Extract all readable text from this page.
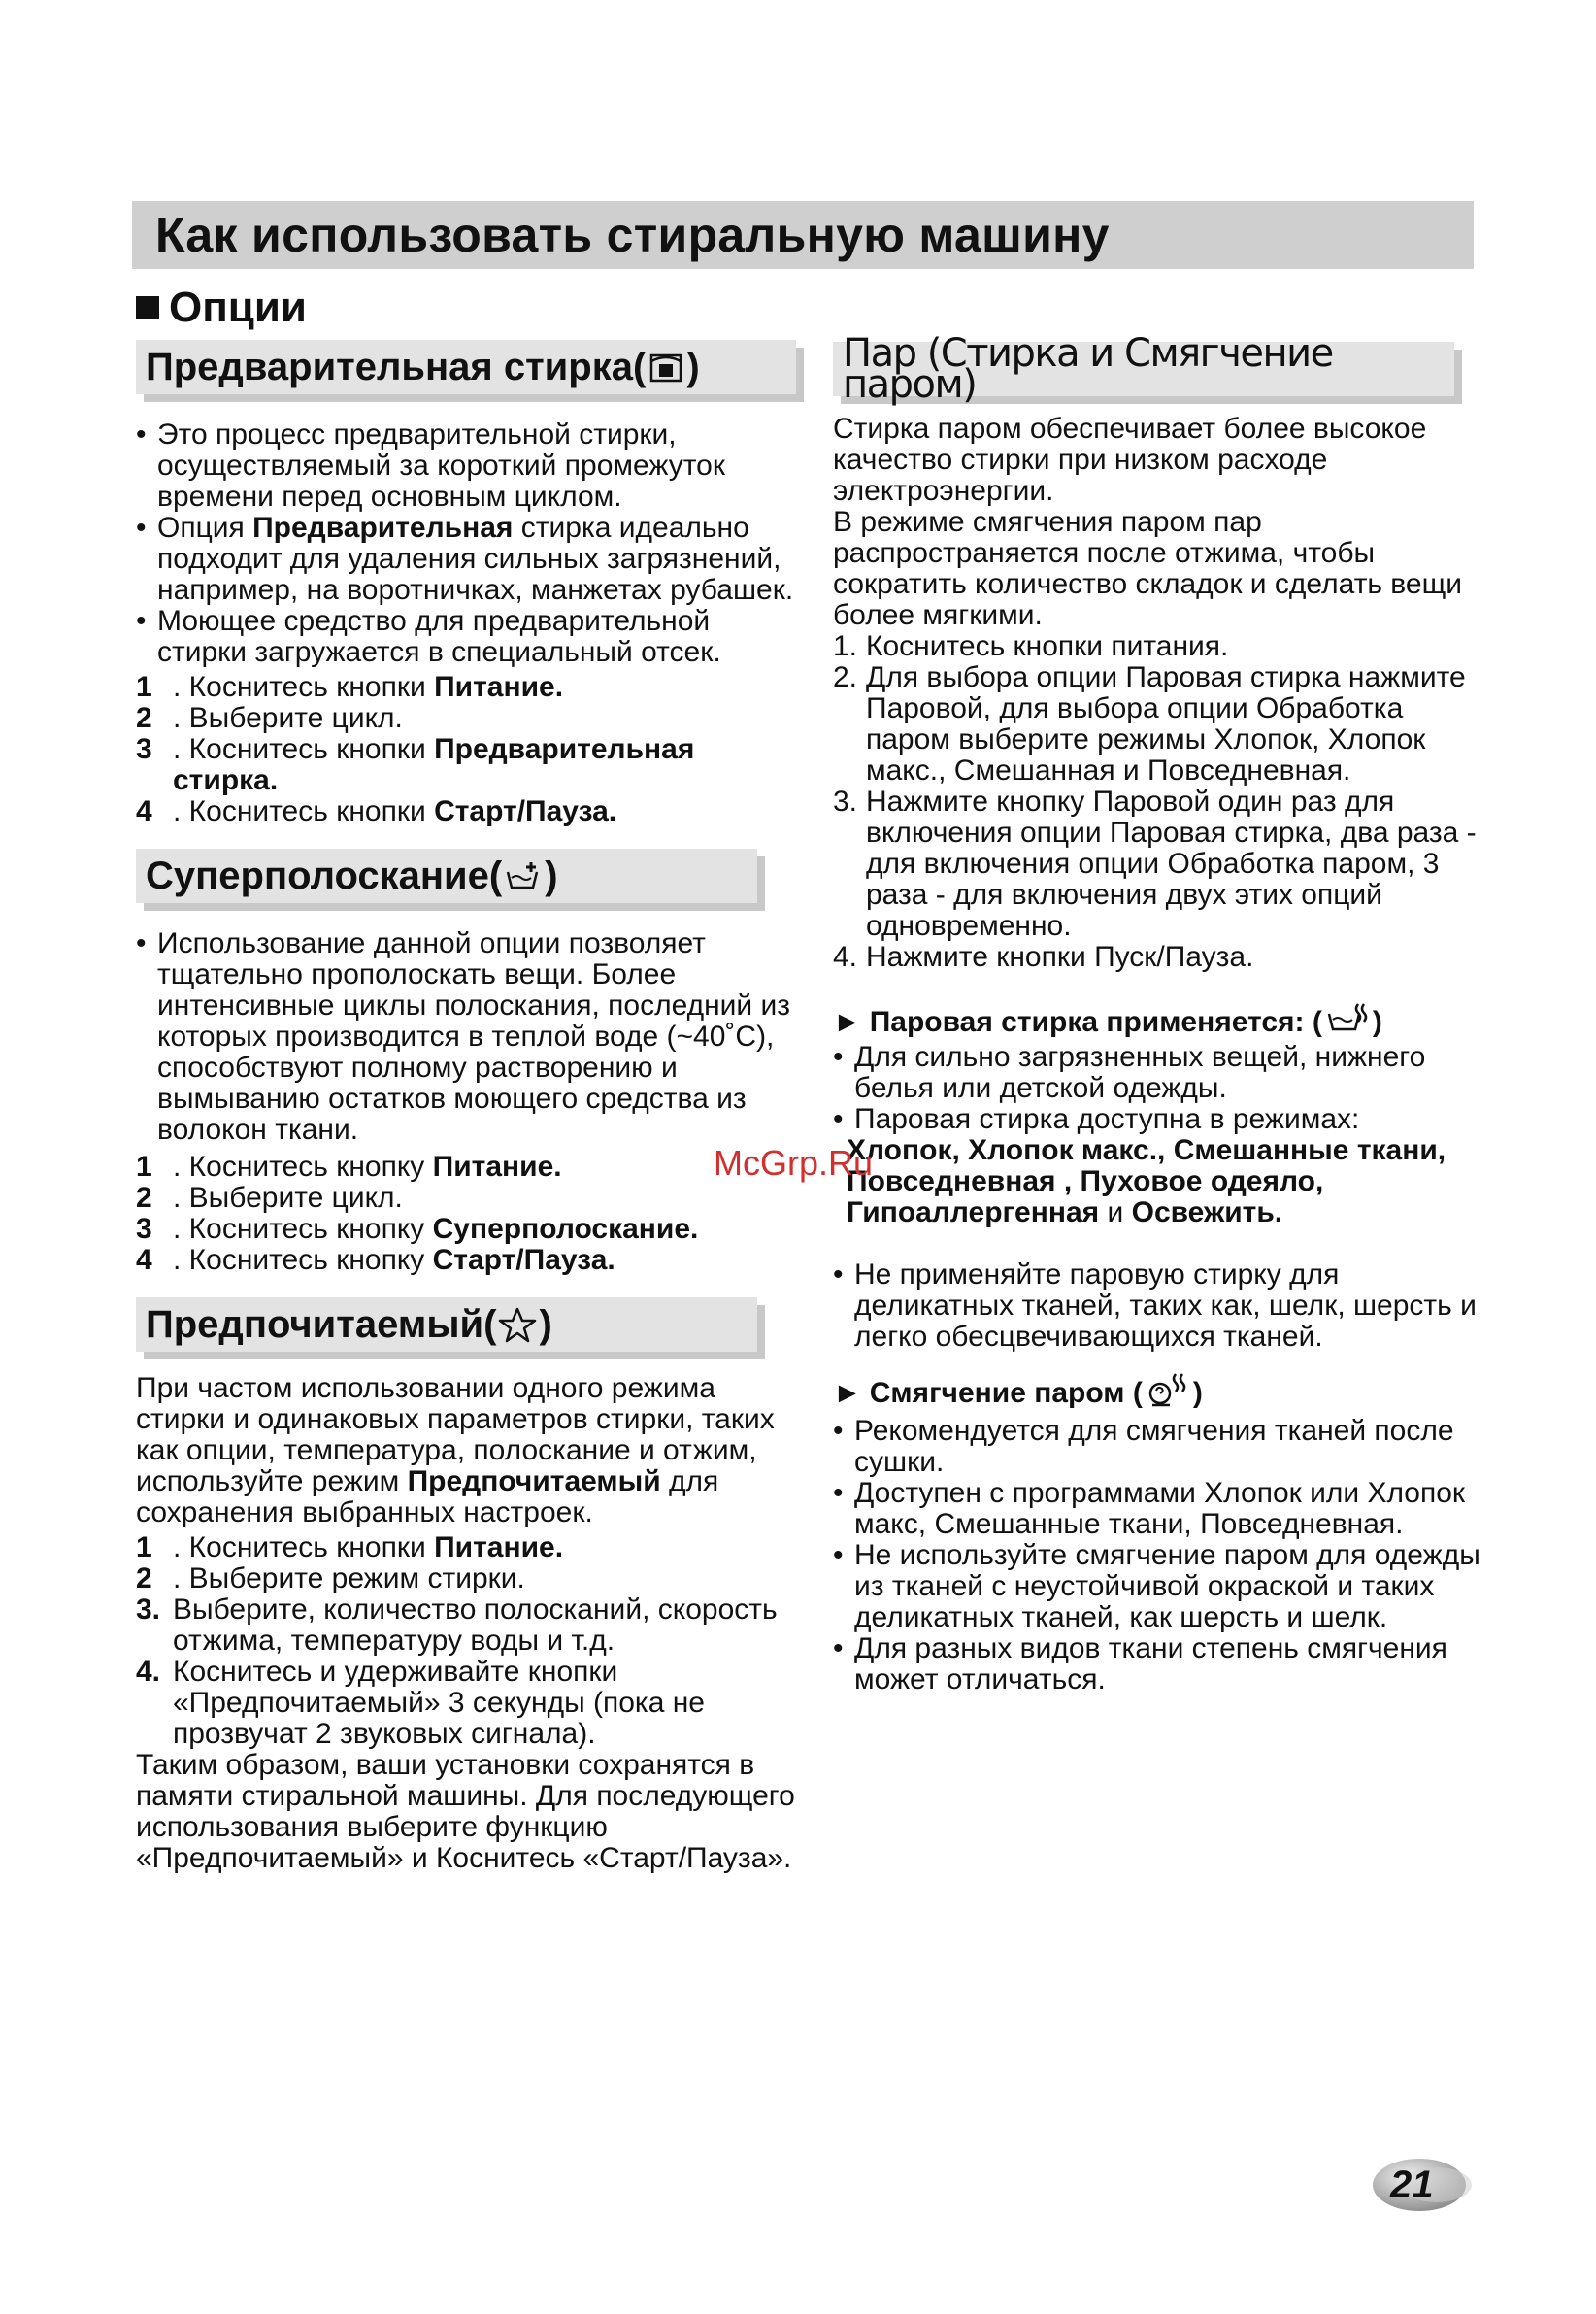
Как использовать стиральную машину
Опции
Предварительная стирка ( )

• Это процесс предварительной стирки, осуществляемый за короткий промежуток времени перед основным циклом.

• Опция Предварительная стирка идеально подходит для удаления сильных загрязнений, например, на воротничках, манжетах рубашек.

• Моющее средство для предварительной стирки загружается в специальный отсек.

1 . Коснитесь кнопки Питание.

2 . Выберите цикл.

3 . Коснитесь кнопки Предварительная стирка.

4 . Коснитесь кнопки Старт/Пауза.

Суперполоскание ( )

• Использование данной опции позволяет тщательно прополоскать вещи. Более интенсивные циклы полоскания, последний из которых производится в теплой воде (~40˚С), способствуют полному растворению и вымыванию остатков моющего средства из волокон ткани.

1 . Коснитесь кнопку Питание.

2 . Выберите цикл.

3 . Коснитесь кнопку Суперполоскание.

4 . Коснитесь кнопку Старт/Пауза.

Предпочитаемый ( )

При частом использовании одного режима стирки и одинаковых параметров стирки, таких как опции, температура, полоскание и отжим, используйте режим Предпочитаемый для сохранения выбранных настроек.

1 . Коснитесь кнопки Питание.

2 . Выберите режим стирки.

3. Выберите, количество полосканий, скорость отжима, температуру воды и т.д.

4. Коснитесь и удерживайте кнопки «Предпочитаемый» 3 секунды (пока не прозвучат 2 звуковых сигнала).

Таким образом, ваши установки сохранятся в памяти стиральной машины. Для последующего использования выберите функцию «Предпочитаемый» и Коснитесь «Старт/Пауза».

Пар (Стирка и Смягчение паром)

Стирка паром обеспечивает более высокое качество стирки при низком расходе электроэнергии.

В режиме смягчения паром пар распространяется после отжима, чтобы сократить количество складок и сделать вещи более мягкими.

1. Коснитесь кнопки питания.

2. Для выбора опции Паровая стирка нажмите Паровой, для выбора опции Обработка паром выберите режимы Хлопок, Хлопок макс., Смешанная и Повседневная.

3. Нажмите кнопку Паровой один раз для включения опции Паровая стирка, два раза - для включения опции Обработка паром, 3 раза - для включения двух этих опций одновременно.

4. Нажмите кнопки Пуск/Пауза.

► Паровая стирка применяется: ( )

• Для сильно загрязненных вещей, нижнего белья или детской одежды.

• Паровая стирка доступна в режимах:

Хлопок, Хлопок макс., Смешанные ткани, Повседневная , Пуховое одеяло, Гипоаллергенная и Освежить.

• Не применяйте паровую стирку для деликатных тканей, таких как, шелк, шерсть и легко обесцвечивающихся тканей.

► Смягчение паром ( )

• Рекомендуется для смягчения тканей после сушки.

• Доступен с программами Хлопок или Хлопок макс, Смешанные ткани, Повседневная.

• Не используйте смягчение паром для одежды из тканей с неустойчивой окраской и таких деликатных тканей, как шерсть и шелк.

• Для разных видов ткани степень смягчения может отличаться.

McGrp.Ru
21
